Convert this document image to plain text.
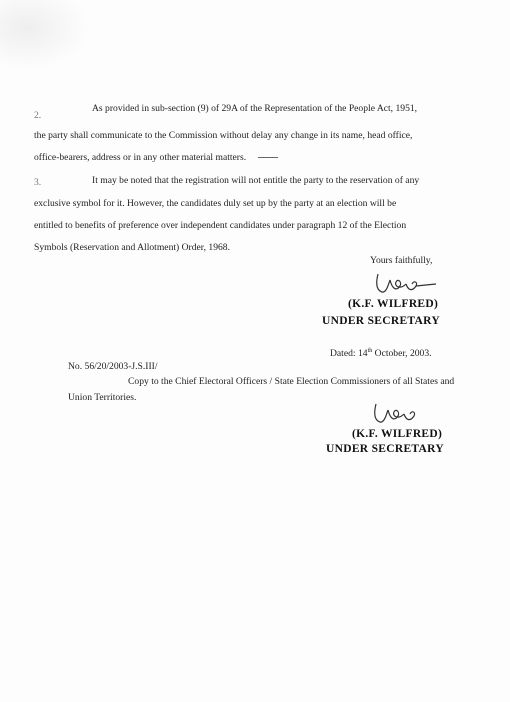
2.
As provided in sub-section (9) of 29A of the Representation of the People Act, 1951,
the party shall communicate to the Commission without delay any change in its name, head office,
office-bearers, address or in any other material matters.
3.	It may be noted that the registration will not entitle the party to the reservation of any
exclusive symbol for it. However, the candidates duly set up by the party at an election will be
entitled to benefits of preference over independent candidates under paragraph 12 of the Election
Symbols (Reservation and Allotment) Order, 1968.
Yours faithfully,
(K.F. WILFRED)
UNDER SECRETARY
Dated: 14th October, 2003.
No. 56/20/2003-J.S.III/
Copy to the Chief Electoral Officers / State Election Commissioners of all States and
Union Territories.
(K.F. WILFRED)
UNDER SECRETARY
